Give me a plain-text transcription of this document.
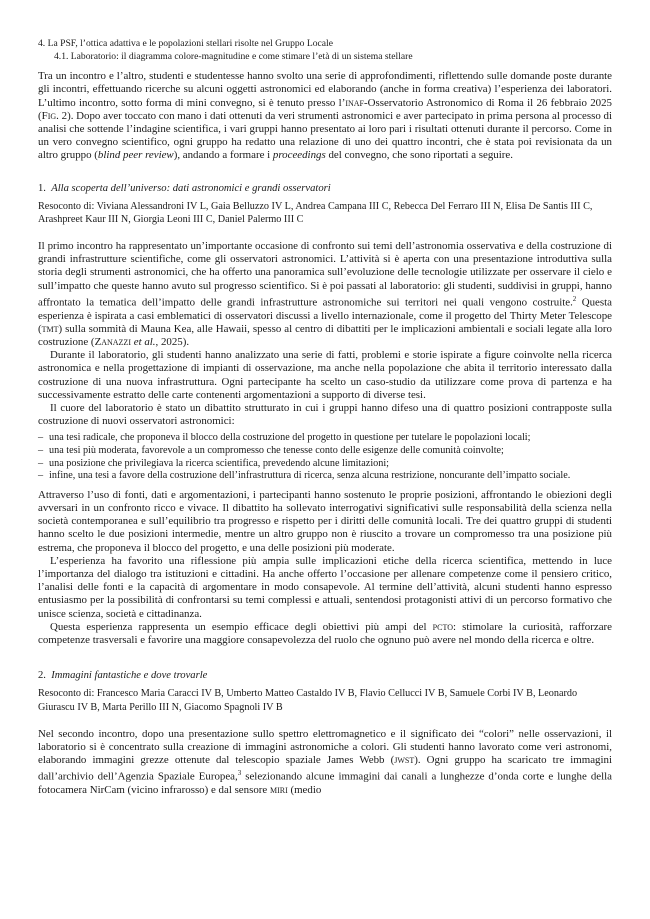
4. La PSF, l’ottica adattiva e le popolazioni stellari risolte nel Gruppo Locale
4.1. Laboratorio: il diagramma colore-magnitudine e come stimare l’età di un sistema stellare

Tra un incontro e l’altro, studenti e studentesse hanno svolto una serie di approfondimenti, riflettendo sulle domande poste durante gli incontri, effettuando ricerche su alcuni oggetti astronomici ed elaborando (anche in forma creativa) l’esperienza dei laboratori. L’ultimo incontro, sotto forma di mini convegno, si è tenuto presso l’inaf-Osservatorio Astronomico di Roma il 26 febbraio 2025 (Fig. 2). Dopo aver toccato con mano i dati ottenuti da veri strumenti astronomici e aver partecipato in prima persona al processo di analisi che sottende l’indagine scientifica, i vari gruppi hanno presentato ai loro pari i risultati ottenuti durante il percorso. Come in un vero convegno scientifico, ogni gruppo ha redatto una relazione di uno dei quattro incontri, che è stata poi revisionata da un altro gruppo (blind peer review), andando a formare i proceedings del convegno, che sono riportati a seguire.

1. Alla scoperta dell’universo: dati astronomici e grandi osservatori
Resoconto di: Viviana Alessandroni IV L, Gaia Belluzzo IV L, Andrea Campana III C, Rebecca Del Ferraro III N, Elisa De Santis III C, Arashpreet Kaur III N, Giorgia Leoni III C, Daniel Palermo III C

Il primo incontro ha rappresentato un’importante occasione di confronto sui temi dell’astronomia osservativa e della costruzione di grandi infrastrutture scientifiche, come gli osservatori astronomici. L’attività si è aperta con una presentazione introduttiva sulla storia degli strumenti astronomici, che ha offerto una panoramica sull’evoluzione delle tecnologie utilizzate per osservare il cielo e sull’impatto che queste hanno avuto sul progresso scientifico. Si è poi passati al laboratorio: gli studenti, suddivisi in gruppi, hanno affrontato la tematica dell’impatto delle grandi infrastrutture astronomiche sui territori nei quali vengono costruite.$^2$ Questa esperienza è ispirata a casi emblematici di osservatori discussi a livello internazionale, come il progetto del Thirty Meter Telescope (tmt) sulla sommità di Mauna Kea, alle Hawaii, spesso al centro di dibattiti per le implicazioni ambientali e sociali legate alla loro costruzione (Zanazzi et al., 2025).

Durante il laboratorio, gli studenti hanno analizzato una serie di fatti, problemi e storie ispirate a figure coinvolte nella ricerca astronomica e nella progettazione di impianti di osservazione, ma anche nella popolazione che abita il territorio interessato dalla costruzione di una nuova infrastruttura. Ogni partecipante ha scelto un caso-studio da utilizzare come prova di partenza e ha successivamente estratto delle carte contenenti argomentazioni a supporto di diverse tesi.

Il cuore del laboratorio è stato un dibattito strutturato in cui i gruppi hanno difeso una di quattro posizioni contrapposte sulla costruzione di nuovi osservatori astronomici:

– una tesi radicale, che proponeva il blocco della costruzione del progetto in questione per tutelare le popolazioni locali;
– una tesi più moderata, favorevole a un compromesso che tenesse conto delle esigenze delle comunità coinvolte;
– una posizione che privilegiava la ricerca scientifica, prevedendo alcune limitazioni;
– infine, una tesi a favore della costruzione dell’infrastruttura di ricerca, senza alcuna restrizione, noncurante dell’impatto sociale.

Attraverso l’uso di fonti, dati e argomentazioni, i partecipanti hanno sostenuto le proprie posizioni, affrontando le obiezioni degli avversari in un confronto ricco e vivace. Il dibattito ha sollevato interrogativi significativi sulle responsabilità della scienza nella società contemporanea e sull’equilibrio tra progresso e rispetto per i diritti delle comunità locali. Tre dei quattro gruppi di studenti hanno scelto le due posizioni intermedie, mentre un altro gruppo non è riuscito a trovare un compromesso tra una posizione più estrema, che proponeva il blocco del progetto, e una delle posizioni più moderate.

L’esperienza ha favorito una riflessione più ampia sulle implicazioni etiche della ricerca scientifica, mettendo in luce l’importanza del dialogo tra istituzioni e cittadini. Ha anche offerto l’occasione per allenare competenze come il pensiero critico, l’analisi delle fonti e la capacità di argomentare in modo consapevole. Al termine dell’attività, alcuni studenti hanno espresso entusiasmo per la possibilità di confrontarsi su temi complessi e attuali, sentendosi protagonisti attivi di un percorso formativo che unisce scienza, società e cittadinanza.

Questa esperienza rappresenta un esempio efficace degli obiettivi più ampi del pcto: stimolare la curiosità, rafforzare competenze trasversali e favorire una maggiore consapevolezza del ruolo che ognuno può avere nel mondo della ricerca e oltre.

2. Immagini fantastiche e dove trovarle
Resoconto di: Francesco Maria Caracci IV B, Umberto Matteo Castaldo IV B, Flavio Cellucci IV B, Samuele Corbi IV B, Leonardo Giurascu IV B, Marta Perillo III N, Giacomo Spagnoli IV B

Nel secondo incontro, dopo una presentazione sullo spettro elettromagnetico e il significato dei “colori” nelle osservazioni, il laboratorio si è concentrato sulla creazione di immagini astronomiche a colori. Gli studenti hanno lavorato come veri astronomi, elaborando immagini grezze ottenute dal telescopio spaziale James Webb (jwst). Ogni gruppo ha scaricato tre immagini dall’archivio dell’Agenzia Spaziale Europea,$^3$ selezionando alcune immagini dai canali a lunghezze d’onda corte e lunghe della fotocamera NirCam (vicino infrarosso) e dal sensore miri (medio
